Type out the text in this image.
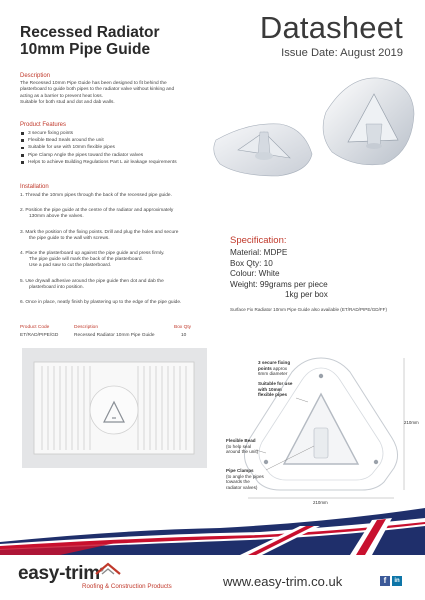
Recessed Radiator
10mm Pipe Guide
Datasheet
Issue Date: August 2019
Description
The Recessed 10mm Pipe Guide has been designed to fit behind the
plasterboard to guide both pipes to the radiator valve without kinking and
acting as a barrier to prevent heat loss.
Suitable for both stud and dot and dab walls.
Product Features
3 secure fixing points
Flexible Bead Seals around the unit
Suitable for use with 10mm flexible pipes
Pipe Clamp Angle the pipes toward the radiator valves
Helps to achieve Building Regulations Part L air leakage requirements
Installation
1. Thread the 10mm pipes through the back of the recessed pipe guide.
2. Position the pipe guide at the centre of the radiator and approximately
130mm above the valves.
3. Mark the position of the fixing points. Drill and plug the holes and secure
the pipe guide to the wall with screws.
4. Place the plasterboard up against the pipe guide and press firmly.
The pipe guide will mark the back of the plasterboard.
Use a pad saw to cut the plasterboard.
5. Use drywall adhesive around the pipe guide then dot and dab the
plasterboard into position.
6. Once in place, neatly finish by plastering up to the edge of the pipe guide.
Specification:
Material: MDPE
Box Qty: 10
Colour: White
Weight: 99grams per piece
1kg per box
Surface Fix Radiator 10mm Pipe Guide also available (ET/RAD/PIPE/GD/FF)
Product Code	Description	Box Qty
ET/RAD/PIPE/GD	Recessed Radiator 10mm Pipe Guide	10
3 secure fixing
points approx
6mm diameter
Suitable for use
with 10mm
flexible pipes
Flexible Bead
(to help seal
around the unit)
Pipe Clamps
(to angle the pipes
towards the
radiator valves)
210mm
210mm
easy-trim®
Roofing & Construction Products	www.easy-trim.co.uk	f	in
